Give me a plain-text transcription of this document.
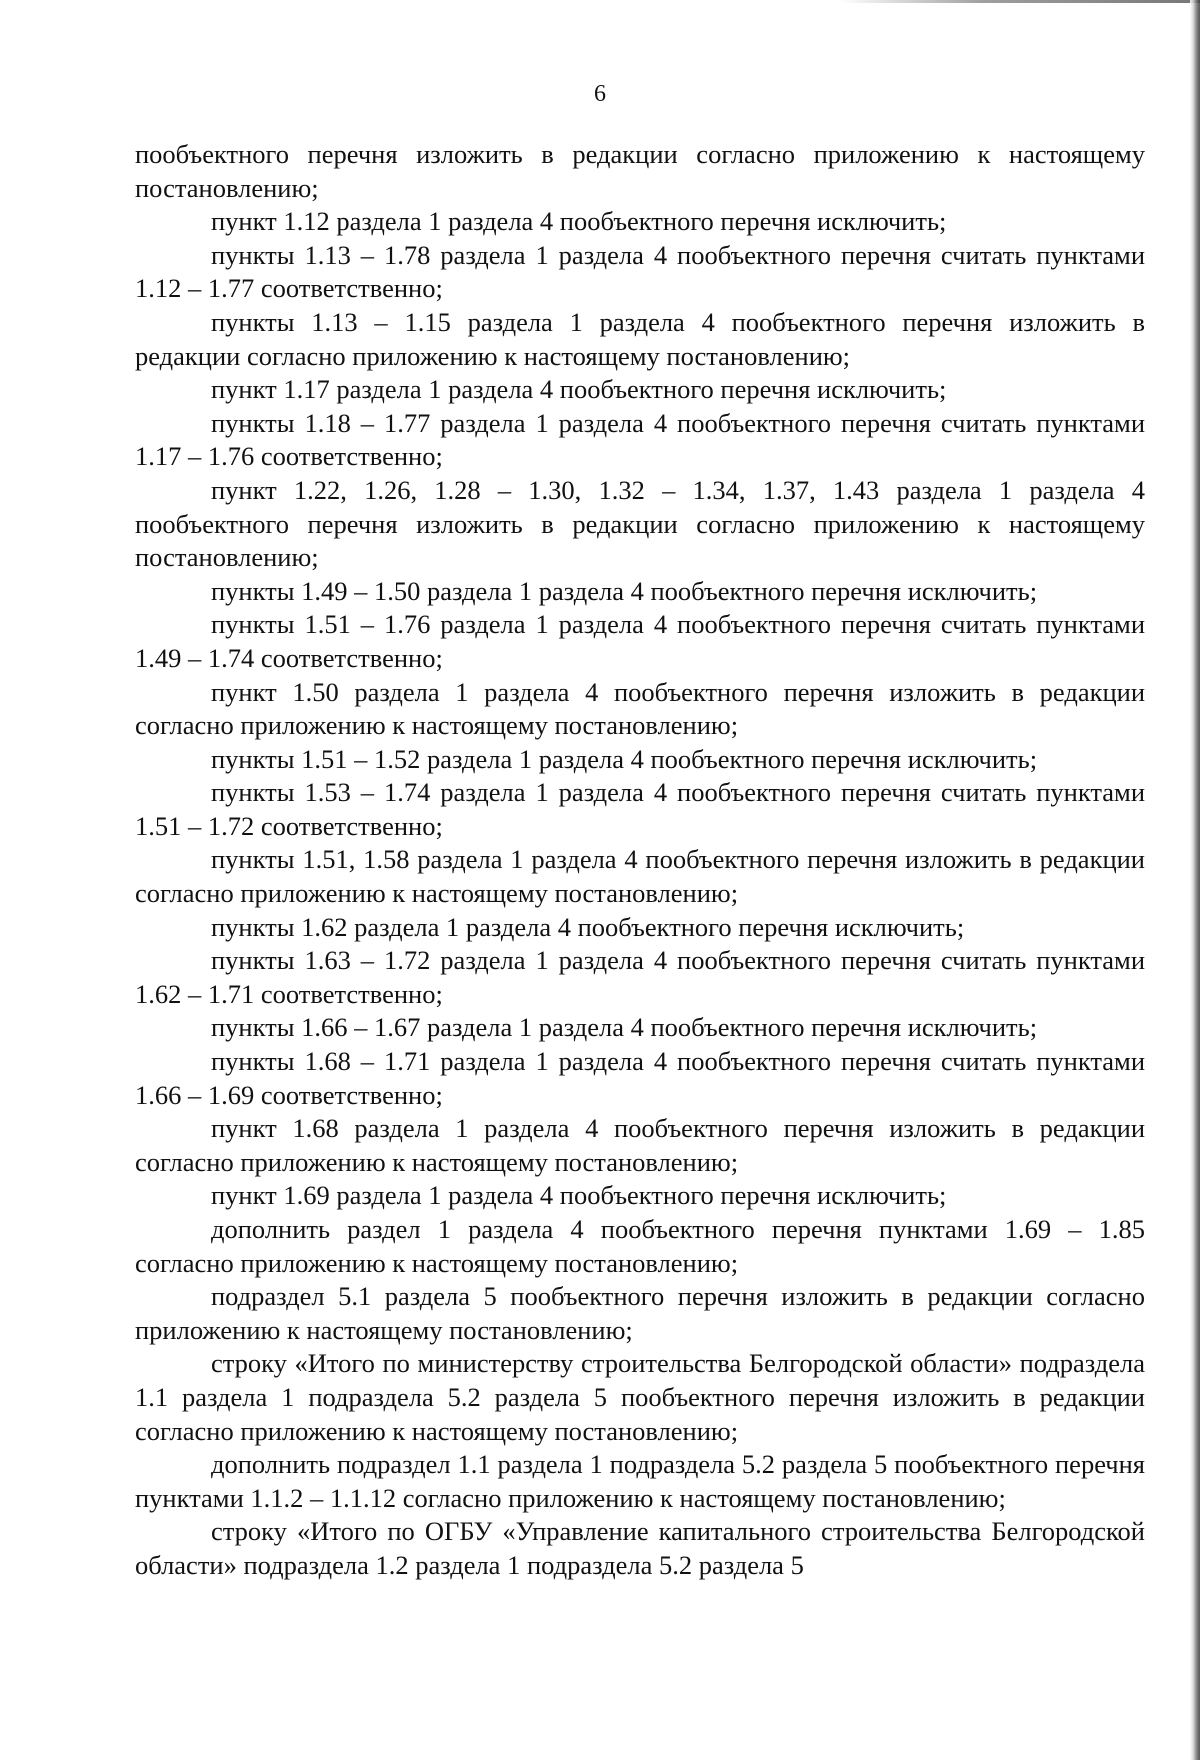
6

пообъектного перечня изложить в редакции согласно приложению к настоящему постановлению;

пункт 1.12 раздела 1 раздела 4 пообъектного перечня исключить;

пункты 1.13 – 1.78 раздела 1 раздела 4 пообъектного перечня считать пунктами 1.12 – 1.77 соответственно;

пункты 1.13 – 1.15 раздела 1 раздела 4 пообъектного перечня изложить в редакции согласно приложению к настоящему постановлению;

пункт 1.17 раздела 1 раздела 4 пообъектного перечня исключить;

пункты 1.18 – 1.77 раздела 1 раздела 4 пообъектного перечня считать пунктами 1.17 – 1.76 соответственно;

пункт 1.22, 1.26, 1.28 – 1.30, 1.32 – 1.34, 1.37, 1.43 раздела 1 раздела 4 пообъектного перечня изложить в редакции согласно приложению к настоящему постановлению;

пункты 1.49 – 1.50 раздела 1 раздела 4 пообъектного перечня исключить;

пункты 1.51 – 1.76 раздела 1 раздела 4 пообъектного перечня считать пунктами 1.49 – 1.74 соответственно;

пункт 1.50 раздела 1 раздела 4 пообъектного перечня изложить в редакции согласно приложению к настоящему постановлению;

пункты 1.51 – 1.52 раздела 1 раздела 4 пообъектного перечня исключить;

пункты 1.53 – 1.74 раздела 1 раздела 4 пообъектного перечня считать пунктами 1.51 – 1.72 соответственно;

пункты 1.51, 1.58 раздела 1 раздела 4 пообъектного перечня изложить в редакции согласно приложению к настоящему постановлению;

пункты 1.62 раздела 1 раздела 4 пообъектного перечня исключить;

пункты 1.63 – 1.72 раздела 1 раздела 4 пообъектного перечня считать пунктами 1.62 – 1.71 соответственно;

пункты 1.66 – 1.67 раздела 1 раздела 4 пообъектного перечня исключить;

пункты 1.68 – 1.71 раздела 1 раздела 4 пообъектного перечня считать пунктами 1.66 – 1.69 соответственно;

пункт 1.68 раздела 1 раздела 4 пообъектного перечня изложить в редакции согласно приложению к настоящему постановлению;

пункт 1.69 раздела 1 раздела 4 пообъектного перечня исключить;

дополнить раздел 1 раздела 4 пообъектного перечня пунктами 1.69 – 1.85 согласно приложению к настоящему постановлению;

подраздел 5.1 раздела 5 пообъектного перечня изложить в редакции согласно приложению к настоящему постановлению;

строку «Итого по министерству строительства Белгородской области» подраздела 1.1 раздела 1 подраздела 5.2 раздела 5 пообъектного перечня изложить в редакции согласно приложению к настоящему постановлению;

дополнить подраздел 1.1 раздела 1 подраздела 5.2 раздела 5 пообъектного перечня пунктами 1.1.2 – 1.1.12 согласно приложению к настоящему постановлению;

строку «Итого по ОГБУ «Управление капитального строительства Белгородской области» подраздела 1.2 раздела 1 подраздела 5.2 раздела 5
